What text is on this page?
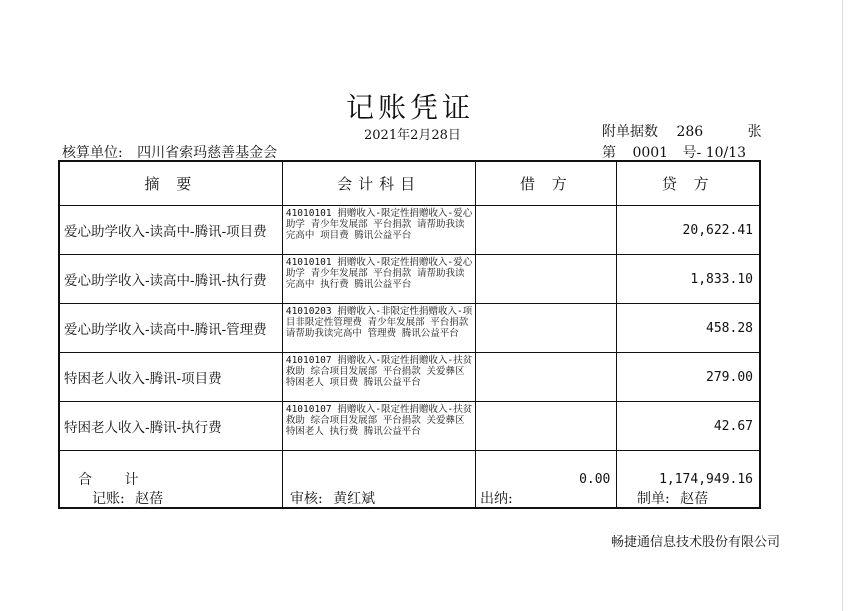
记账凭证
2021年2月28日	附单据数 286	张
核算单位: 四川省索玛慈善基金会	第 0001 号- 10/13
摘 要	会计科目	借 方	贷 方
爱心助学收入-读高中-腾讯-项目费	41010101 捐赠收入-限定性捐赠收入-爱心助学 青少年发展部 平台捐款 请帮助我读完高中 项目费 腾讯公益平台		20,622.41
爱心助学收入-读高中-腾讯-执行费	41010101 捐赠收入-限定性捐赠收入-爱心助学 青少年发展部 平台捐款 请帮助我读完高中 执行费 腾讯公益平台		1,833.10
爱心助学收入-读高中-腾讯-管理费	41010203 捐赠收入-非限定性捐赠收入-项目非限定性管理费 青少年发展部 平台捐款 请帮助我读完高中 管理费 腾讯公益平台		458.28
特困老人收入-腾讯-项目费	41010107 捐赠收入-限定性捐赠收入-扶贫救助 综合项目发展部 平台捐款 关爱彝区特困老人 项目费 腾讯公益平台		279.00
特困老人收入-腾讯-执行费	41010107 捐赠收入-限定性捐赠收入-扶贫救助 综合项目发展部 平台捐款 关爱彝区特困老人 执行费 腾讯公益平台		42.67
合 计		0.00	1,174,949.16
记账: 赵蓓	审核: 黄红斌	出纳:	制单: 赵蓓
畅捷通信息技术股份有限公司
